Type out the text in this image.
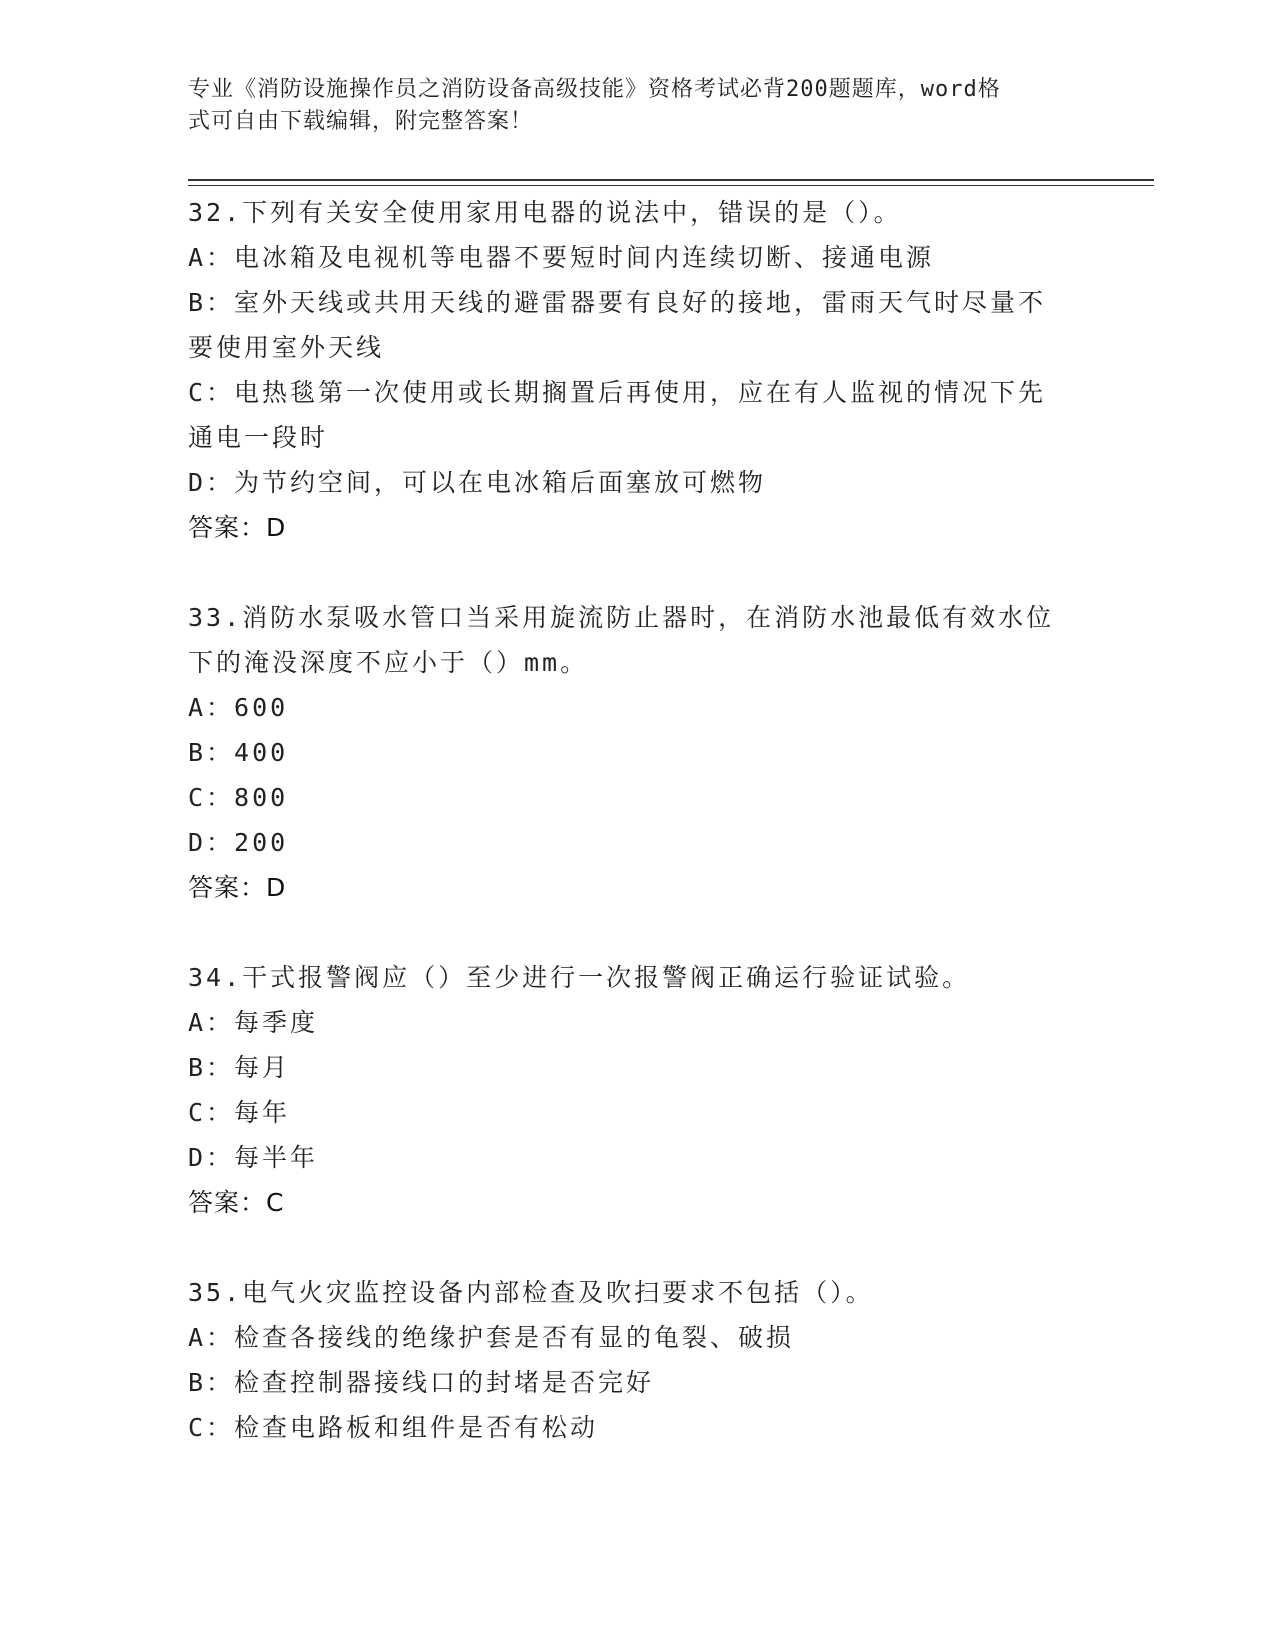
专业《消防设施操作员之消防设备高级技能》资格考试必背200题题库，word格
式可自由下载编辑，附完整答案！
32.下列有关安全使用家用电器的说法中，错误的是（）。
A：电冰箱及电视机等电器不要短时间内连续切断、接通电源
B：室外天线或共用天线的避雷器要有良好的接地，雷雨天气时尽量不
要使用室外天线
C：电热毯第一次使用或长期搁置后再使用，应在有人监视的情况下先
通电一段时
D：为节约空间，可以在电冰箱后面塞放可燃物
答案：D
33.消防水泵吸水管口当采用旋流防止器时，在消防水池最低有效水位
下的淹没深度不应小于（）mm。
A：600
B：400
C：800
D：200
答案：D
34.干式报警阀应（）至少进行一次报警阀正确运行验证试验。
A：每季度
B：每月
C：每年
D：每半年
答案：C
35.电气火灾监控设备内部检查及吹扫要求不包括（）。
A：检查各接线的绝缘护套是否有显的龟裂、破损
B：检查控制器接线口的封堵是否完好
C：检查电路板和组件是否有松动
